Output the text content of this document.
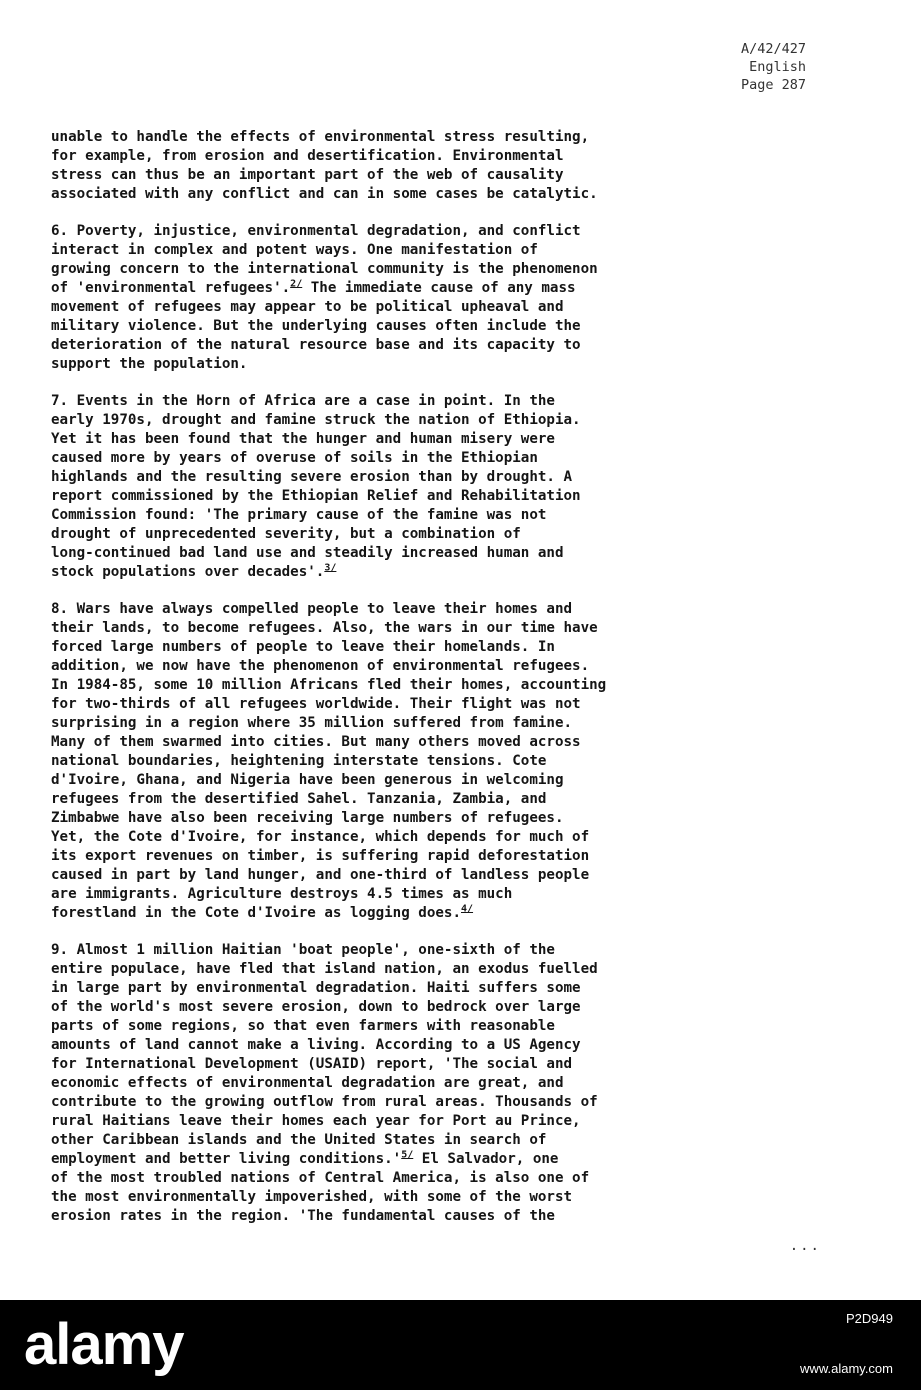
A/42/427
English
Page 287
unable to handle the effects of environmental stress resulting,
for example, from erosion and desertification. Environmental
stress can thus be an important part of the web of causality
associated with any conflict and can in some cases be catalytic.
6. Poverty, injustice, environmental degradation, and conflict
interact in complex and potent ways. One manifestation of
growing concern to the international community is the phenomenon
of 'environmental refugees'.$^{2/}$ The immediate cause of any mass
movement of refugees may appear to be political upheaval and
military violence. But the underlying causes often include the
deterioration of the natural resource base and its capacity to
support the population.
7. Events in the Horn of Africa are a case in point. In the
early 1970s, drought and famine struck the nation of Ethiopia.
Yet it has been found that the hunger and human misery were
caused more by years of overuse of soils in the Ethiopian
highlands and the resulting severe erosion than by drought. A
report commissioned by the Ethiopian Relief and Rehabilitation
Commission found: 'The primary cause of the famine was not
drought of unprecedented severity, but a combination of
long-continued bad land use and steadily increased human and
stock populations over decades'.$^{3/}$
8. Wars have always compelled people to leave their homes and
their lands, to become refugees. Also, the wars in our time have
forced large numbers of people to leave their homelands. In
addition, we now have the phenomenon of environmental refugees.
In 1984-85, some 10 million Africans fled their homes, accounting
for two-thirds of all refugees worldwide. Their flight was not
surprising in a region where 35 million suffered from famine.
Many of them swarmed into cities. But many others moved across
national boundaries, heightening interstate tensions. Cote
d'Ivoire, Ghana, and Nigeria have been generous in welcoming
refugees from the desertified Sahel. Tanzania, Zambia, and
Zimbabwe have also been receiving large numbers of refugees.
Yet, the Cote d'Ivoire, for instance, which depends for much of
its export revenues on timber, is suffering rapid deforestation
caused in part by land hunger, and one-third of landless people
are immigrants. Agriculture destroys 4.5 times as much
forestland in the Cote d'Ivoire as logging does.$^{4/}$
9. Almost 1 million Haitian 'boat people', one-sixth of the
entire populace, have fled that island nation, an exodus fuelled
in large part by environmental degradation. Haiti suffers some
of the world's most severe erosion, down to bedrock over large
parts of some regions, so that even farmers with reasonable
amounts of land cannot make a living. According to a US Agency
for International Development (USAID) report, 'The social and
economic effects of environmental degradation are great, and
contribute to the growing outflow from rural areas. Thousands of
rural Haitians leave their homes each year for Port au Prince,
other Caribbean islands and the United States in search of
employment and better living conditions.'$^{5/}$ El Salvador, one
of the most troubled nations of Central America, is also one of
the most environmentally impoverished, with some of the worst
erosion rates in the region. 'The fundamental causes of the
...
alamy	P2D949
www.alamy.com
